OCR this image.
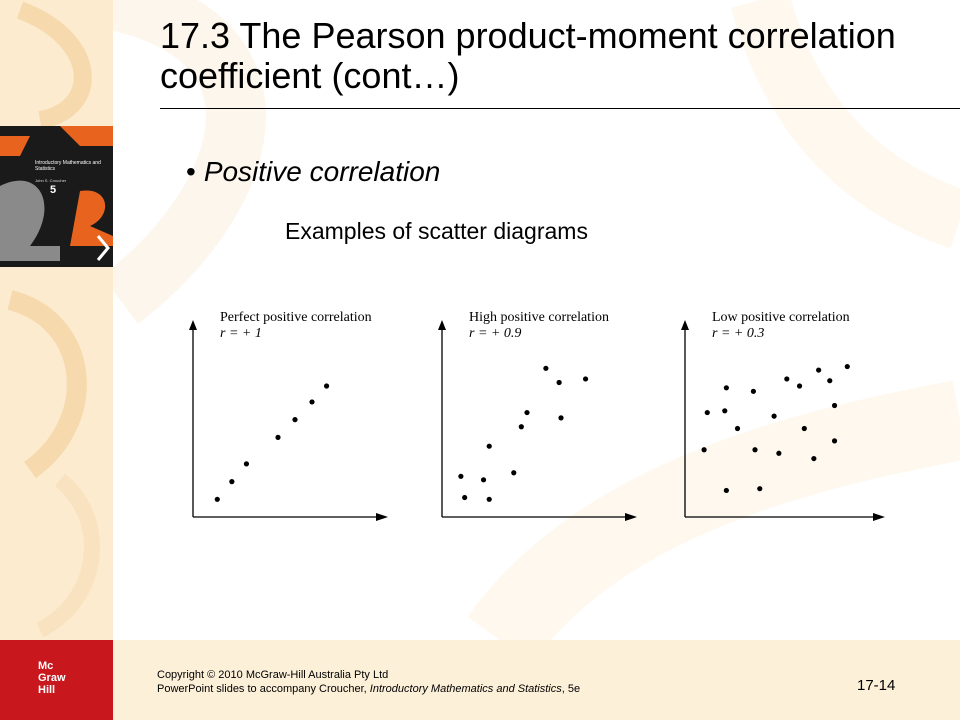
Introductory Mathematics and Statistics
John S. Croucher
5
17.3 The Pearson product-moment correlation coefficient (cont…)
• Positive correlation
Examples of scatter diagrams
Perfect positive correlation
r = + 1
High positive correlation
r = + 0.9
Low positive correlation
r = + 0.3
Mc
Graw
Hill
Copyright © 2010 McGraw-Hill Australia Pty Ltd
PowerPoint slides to accompany Croucher, Introductory Mathematics and Statistics, 5e	17-14
